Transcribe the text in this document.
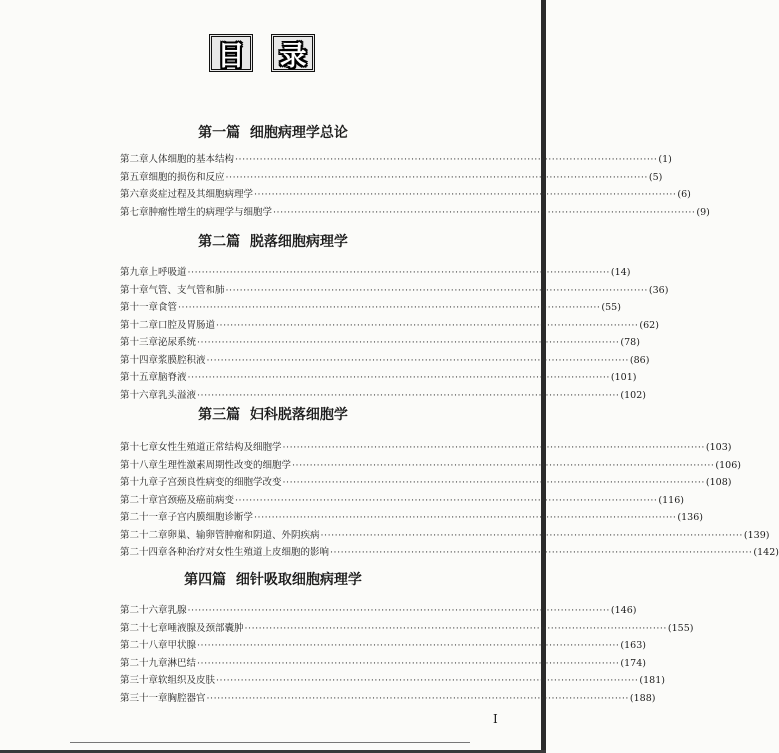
目	录
第一篇  细胞病理学总论
第二章 人体细胞的基本结构 ························································································································ (1)
第五章 细胞的损伤和反应 ························································································································ (5)
第六章 炎症过程及其细胞病理学 ························································································································ (6)
第七章 肿瘤性增生的病理学与细胞学 ························································································································ (9)
第二篇  脱落细胞病理学
第九章 上呼吸道 ························································································································ (14)
第十章 气管、支气管和肺 ························································································································ (36)
第十一章 食管 ························································································································ (55)
第十二章 口腔及胃肠道 ························································································································ (62)
第十三章 泌尿系统 ························································································································ (78)
第十四章 浆膜腔积液 ························································································································ (86)
第十五章 脑脊液 ························································································································ (101)
第十六章 乳头溢液 ························································································································ (102)
第三篇  妇科脱落细胞学
第十七章 女性生殖道正常结构及细胞学 ························································································································ (103)
第十八章 生理性激素周期性改变的细胞学 ························································································································ (106)
第十九章 子宫颈良性病变的细胞学改变 ························································································································ (108)
第二十章 宫颈癌及癌前病变 ························································································································ (116)
第二十一章 子宫内膜细胞诊断学 ························································································································ (136)
第二十二章 卵巢、输卵管肿瘤和阴道、外阴疾病 ························································································································ (139)
第二十四章 各种治疗对女性生殖道上皮细胞的影响 ························································································································ (142)
第四篇  细针吸取细胞病理学
第二十六章 乳腺 ························································································································ (146)
第二十七章 唾液腺及颈部囊肿 ························································································································ (155)
第二十八章 甲状腺 ························································································································ (163)
第二十九章 淋巴结 ························································································································ (174)
第三十章 软组织及皮肤 ························································································································ (181)
第三十一章 胸腔器官 ························································································································ (188)
I
